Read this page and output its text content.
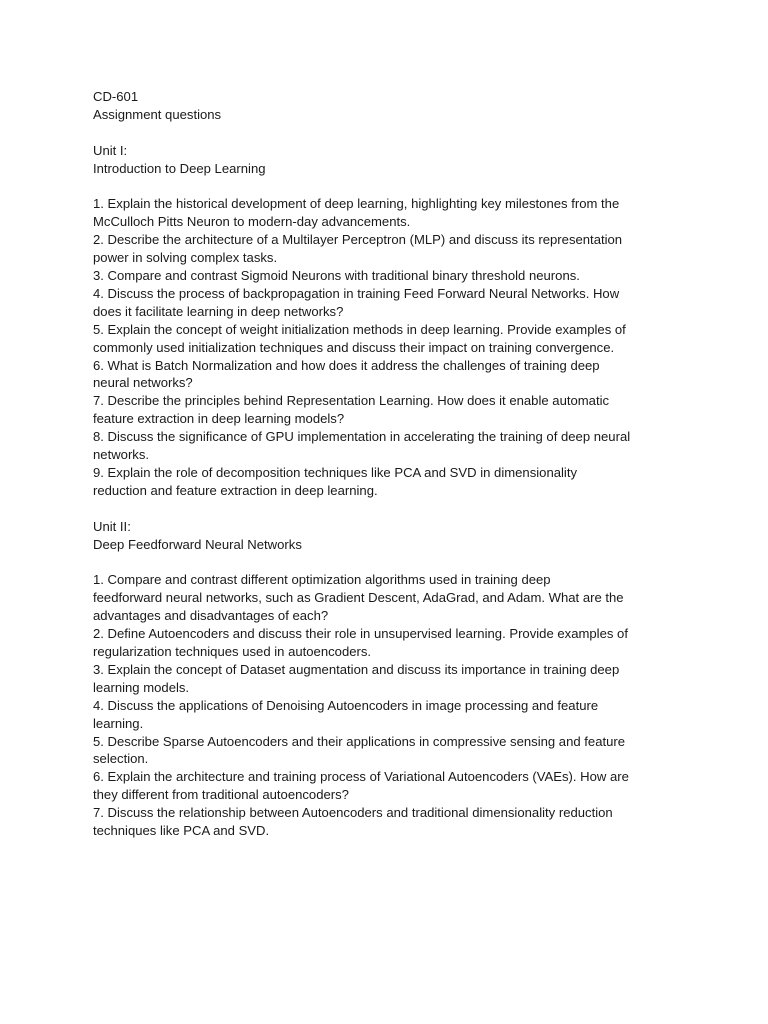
CD-601
Assignment questions
Unit I:
Introduction to Deep Learning
1. Explain the historical development of deep learning, highlighting key milestones from the
McCulloch Pitts Neuron to modern-day advancements.
2. Describe the architecture of a Multilayer Perceptron (MLP) and discuss its representation
power in solving complex tasks.
3. Compare and contrast Sigmoid Neurons with traditional binary threshold neurons.
4. Discuss the process of backpropagation in training Feed Forward Neural Networks. How
does it facilitate learning in deep networks?
5. Explain the concept of weight initialization methods in deep learning. Provide examples of
commonly used initialization techniques and discuss their impact on training convergence.
6. What is Batch Normalization and how does it address the challenges of training deep
neural networks?
7. Describe the principles behind Representation Learning. How does it enable automatic
feature extraction in deep learning models?
8. Discuss the significance of GPU implementation in accelerating the training of deep neural
networks.
9. Explain the role of decomposition techniques like PCA and SVD in dimensionality
reduction and feature extraction in deep learning.
Unit II:
Deep Feedforward Neural Networks
1. Compare and contrast different optimization algorithms used in training deep
feedforward neural networks, such as Gradient Descent, AdaGrad, and Adam. What are the
advantages and disadvantages of each?
2. Define Autoencoders and discuss their role in unsupervised learning. Provide examples of
regularization techniques used in autoencoders.
3. Explain the concept of Dataset augmentation and discuss its importance in training deep
learning models.
4. Discuss the applications of Denoising Autoencoders in image processing and feature
learning.
5. Describe Sparse Autoencoders and their applications in compressive sensing and feature
selection.
6. Explain the architecture and training process of Variational Autoencoders (VAEs). How are
they different from traditional autoencoders?
7. Discuss the relationship between Autoencoders and traditional dimensionality reduction
techniques like PCA and SVD.
